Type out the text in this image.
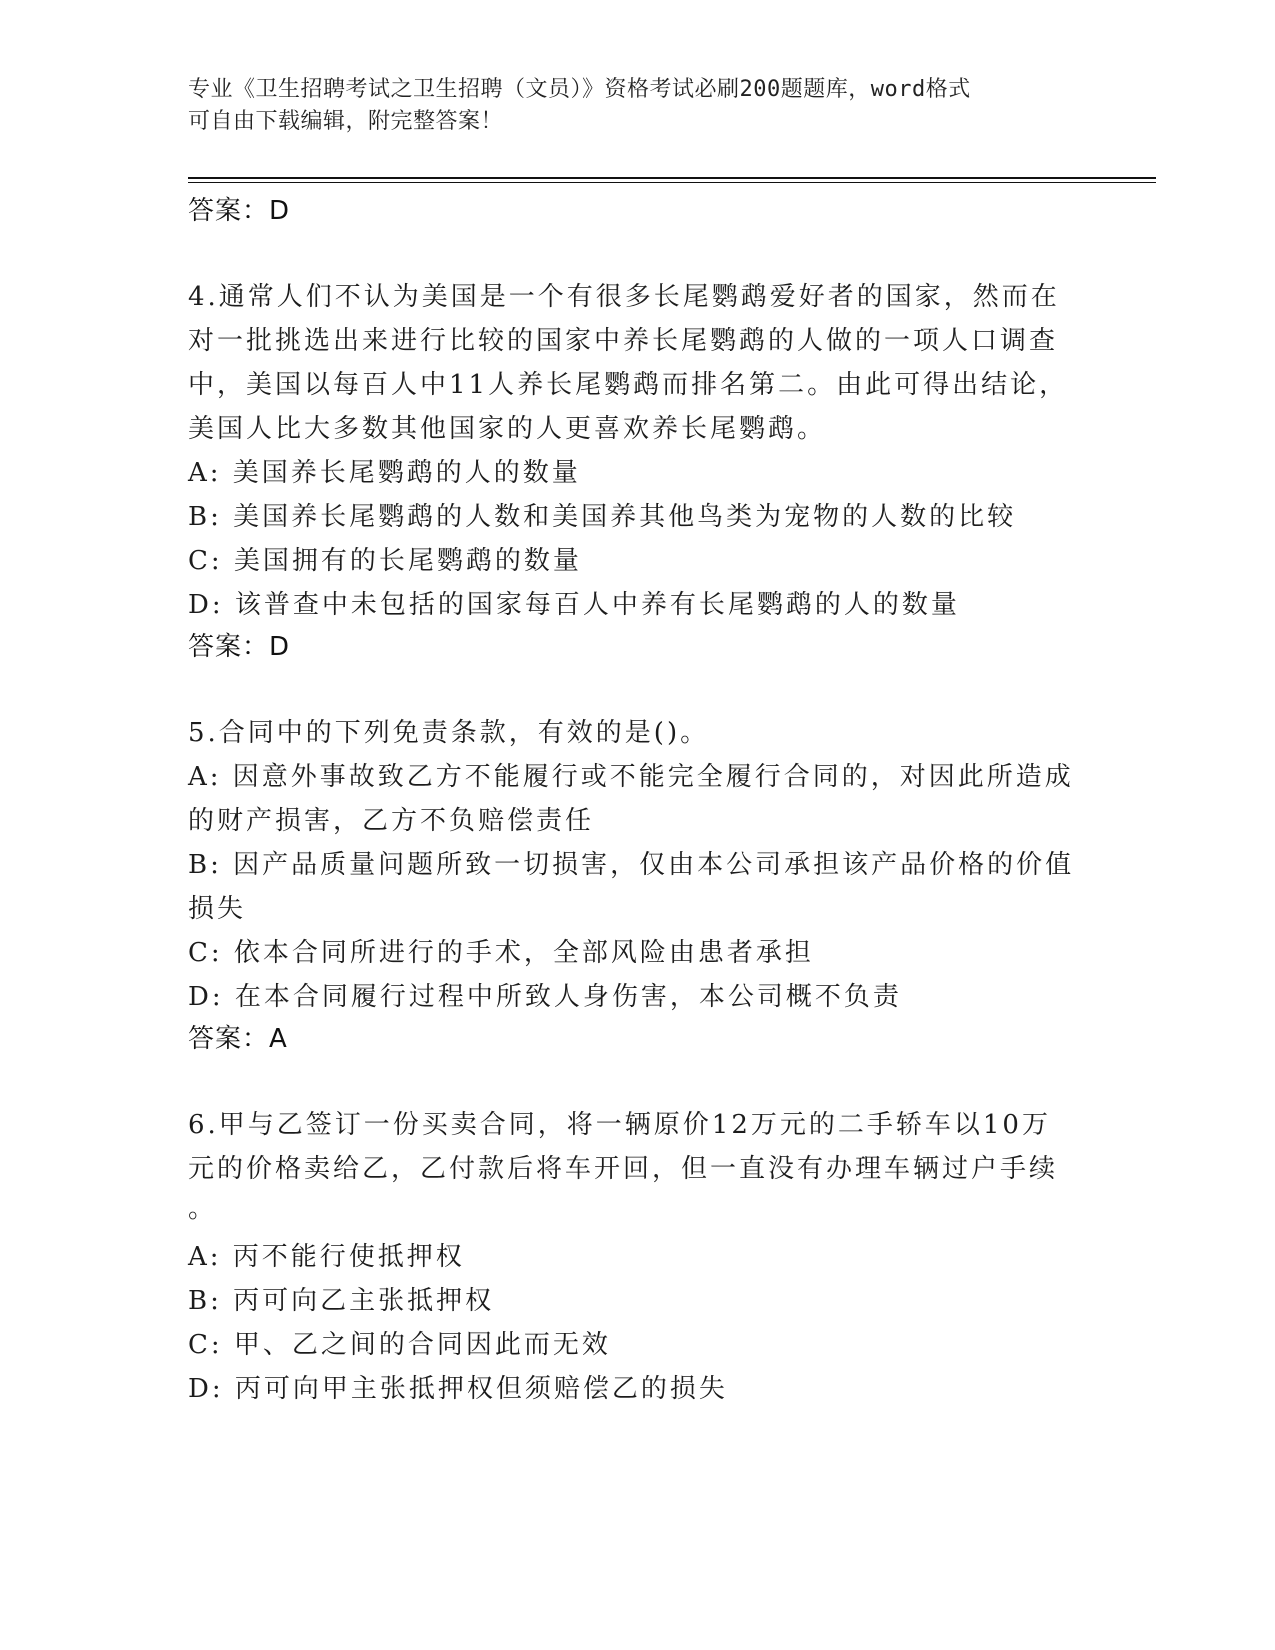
专业《卫生招聘考试之卫生招聘（文员）》资格考试必刷200题题库，word格式
可自由下载编辑，附完整答案！
答案：D
4.通常人们不认为美国是一个有很多长尾鹦鹉爱好者的国家，然而在
对一批挑选出来进行比较的国家中养长尾鹦鹉的人做的一项人口调查
中，美国以每百人中11人养长尾鹦鹉而排名第二。由此可得出结论，
美国人比大多数其他国家的人更喜欢养长尾鹦鹉。
A: 美国养长尾鹦鹉的人的数量
B: 美国养长尾鹦鹉的人数和美国养其他鸟类为宠物的人数的比较
C: 美国拥有的长尾鹦鹉的数量
D: 该普查中未包括的国家每百人中养有长尾鹦鹉的人的数量
答案：D
5.合同中的下列免责条款，有效的是()。
A: 因意外事故致乙方不能履行或不能完全履行合同的，对因此所造成
的财产损害，乙方不负赔偿责任
B: 因产品质量问题所致一切损害，仅由本公司承担该产品价格的价值
损失
C: 依本合同所进行的手术，全部风险由患者承担
D: 在本合同履行过程中所致人身伤害，本公司概不负责
答案：A
6.甲与乙签订一份买卖合同，将一辆原价12万元的二手轿车以10万
元的价格卖给乙，乙付款后将车开回，但一直没有办理车辆过户手续
。
A: 丙不能行使抵押权
B: 丙可向乙主张抵押权
C: 甲、乙之间的合同因此而无效
D: 丙可向甲主张抵押权但须赔偿乙的损失
